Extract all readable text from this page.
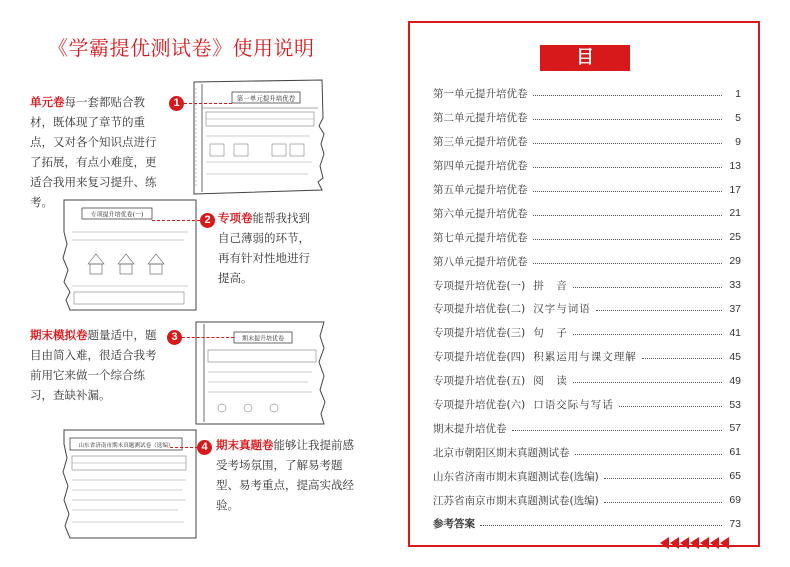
《学霸提优测试卷》使用说明
单元卷每一套都贴合教材，既体现了章节的重点，又对各个知识点进行了拓展，有点小难度，更适合我用来复习提升、练考。
1
2 专项卷能帮我找到自己薄弱的环节，再有针对性地进行提高。
期末模拟卷题量适中，题目由简入难，很适合我考前用它来做一个综合练习，查缺补漏。
3
4 期末真题卷能够让我提前感受考场氛围，了解易考题型、易考重点，提高实战经验。
第一单元提升培优卷
专项提升培优卷(一)
期末提升培优卷
山东省济南市期末真题测试卷（选编）
目 录
第一单元提升培优卷	1
第二单元提升培优卷	5
第三单元提升培优卷	9
第四单元提升培优卷	13
第五单元提升培优卷	17
第六单元提升培优卷	21
第七单元提升培优卷	25
第八单元提升培优卷	29
专项提升培优卷(一) 拼　音	33
专项提升培优卷(二) 汉字与词语	37
专项提升培优卷(三) 句　子	41
专项提升培优卷(四) 积累运用与课文理解	45
专项提升培优卷(五) 阅　读	49
专项提升培优卷(六) 口语交际与写话	53
期末提升培优卷	57
北京市朝阳区期末真题测试卷	61
山东省济南市期末真题测试卷(选编)	65
江苏省南京市期末真题测试卷(选编)	69
参考答案	73
